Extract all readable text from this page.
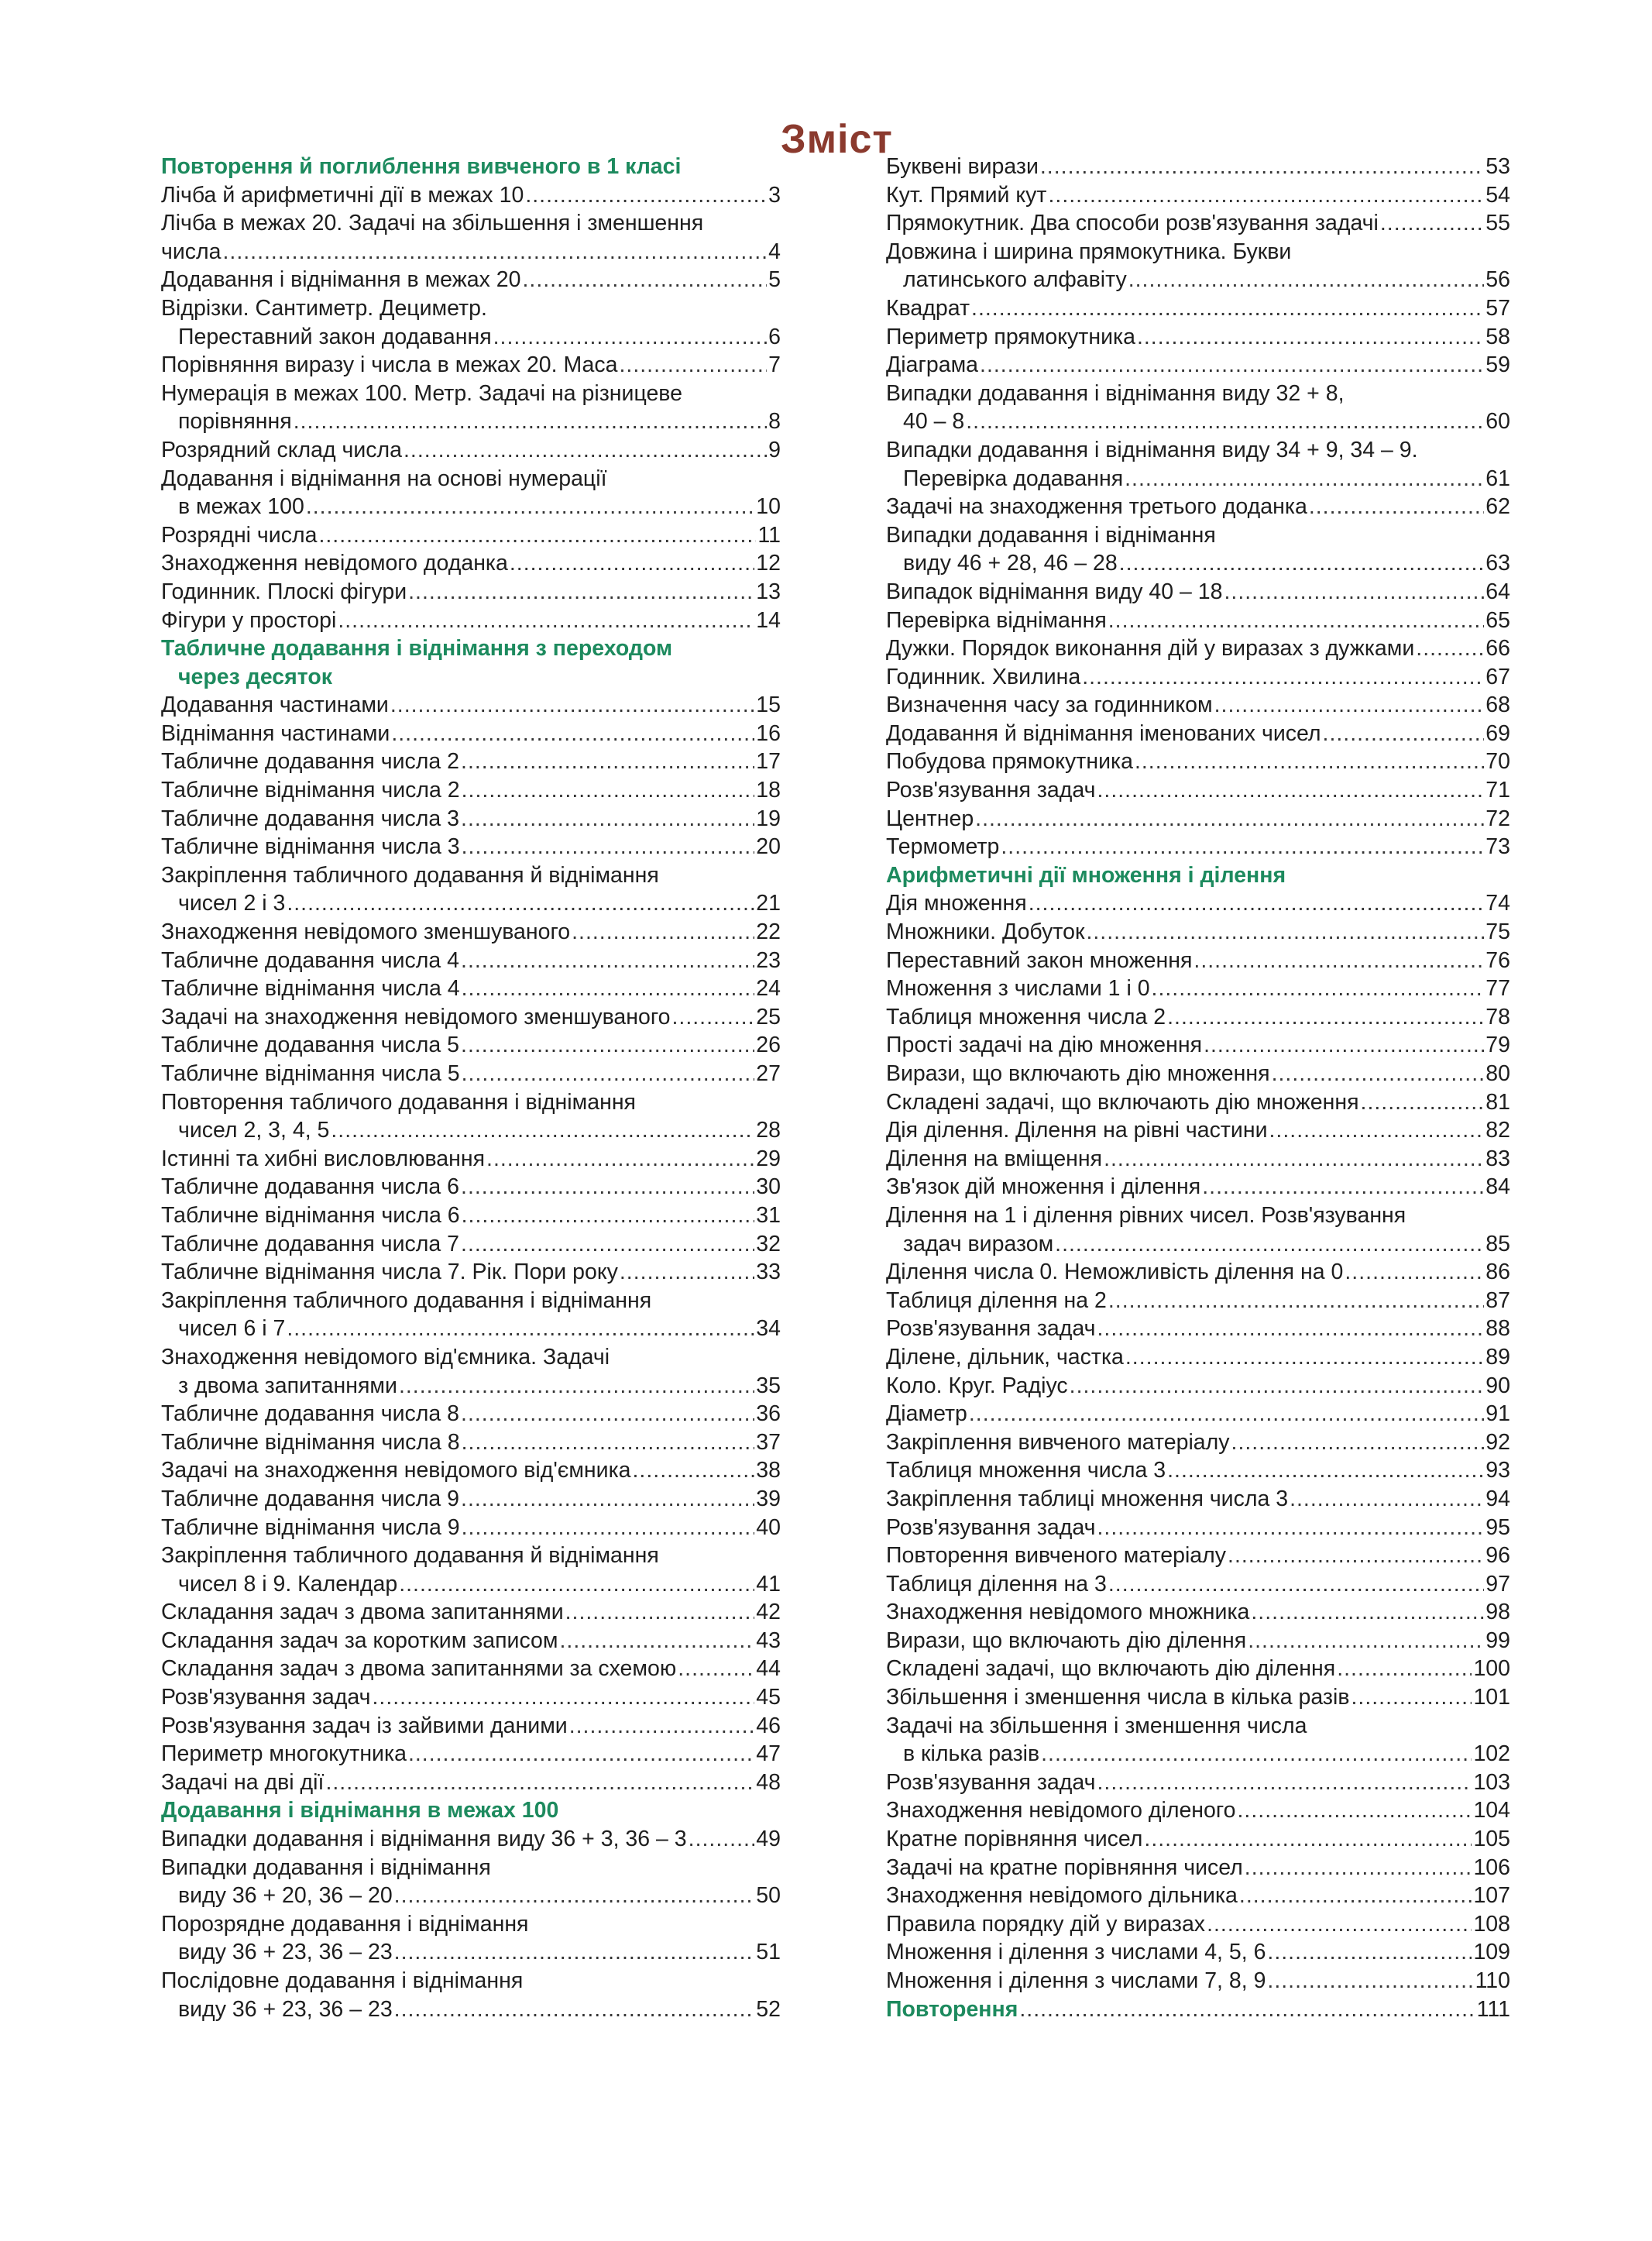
Зміст
Повторення й поглиблення вивченого в 1 класі
Лічба й арифметичні дії в межах 10 .....	3
Лічба в межах 20. Задачі на збільшення і зменшення
числа .....	4
Додавання і віднімання в межах 20 .....	5
Відрізки. Сантиметр. Дециметр.
Переставний закон додавання .....	6
Порівняння виразу і числа в межах 20. Маса .....	7
Нумерація в межах 100. Метр. Задачі на різницеве
порівняння .....	8
Розрядний склад числа .....	9
Додавання і віднімання на основі нумерації
в межах 100 .....	10
Розрядні числа .....	11
Знаходження невідомого доданка .....	12
Годинник. Плоскі фігури .....	13
Фігури у просторі .....	14
Табличне додавання і віднімання з переходом
через десяток
Додавання частинами .....	15
Віднімання частинами .....	16
Табличне додавання числа 2 .....	17
Табличне віднімання числа 2 .....	18
Табличне додавання числа 3 .....	19
Табличне віднімання числа 3 .....	20
Закріплення табличного додавання й віднімання
чисел 2 і 3 .....	21
Знаходження невідомого зменшуваного .....	22
Табличне додавання числа 4 .....	23
Табличне віднімання числа 4 .....	24
Задачі на знаходження невідомого зменшуваного .....	25
Табличне додавання числа 5 .....	26
Табличне віднімання числа 5 .....	27
Повторення табличого додавання і віднімання
чисел 2, 3, 4, 5 .....	28
Істинні та хибні висловлювання .....	29
Табличне додавання числа 6 .....	30
Табличне віднімання числа 6 .....	31
Табличне додавання числа 7 .....	32
Табличне віднімання числа 7. Рік. Пори року .....	33
Закріплення табличного додавання і віднімання
чисел 6 і 7 .....	34
Знаходження невідомого від'ємника. Задачі
з двома запитаннями .....	35
Табличне додавання числа 8 .....	36
Табличне віднімання числа 8 .....	37
Задачі на знаходження невідомого від'ємника .....	38
Табличне додавання числа 9 .....	39
Табличне віднімання числа 9 .....	40
Закріплення табличного додавання й віднімання
чисел 8 і 9. Календар .....	41
Складання задач з двома запитаннями .....	42
Складання задач за коротким записом .....	43
Складання задач з двома запитаннями за схемою .....	44
Розв'язування задач .....	45
Розв'язування задач із зайвими даними .....	46
Периметр многокутника .....	47
Задачі на дві дії .....	48
Додавання і віднімання в межах 100
Випадки додавання і віднімання виду 36 + 3, 36 – 3 .....	49
Випадки додавання і віднімання
виду 36 + 20, 36 – 20 .....	50
Порозрядне додавання і віднімання
виду 36 + 23, 36 – 23 .....	51
Послідовне додавання і віднімання
виду 36 + 23, 36 – 23 .....	52
Буквені вирази .....	53
Кут. Прямий кут .....	54
Прямокутник. Два способи розв'язування задачі .....	55
Довжина і ширина прямокутника. Букви
латинського алфавіту .....	56
Квадрат .....	57
Периметр прямокутника .....	58
Діаграма .....	59
Випадки додавання і віднімання виду 32 + 8,
40 – 8 .....	60
Випадки додавання і віднімання виду 34 + 9, 34 – 9.
Перевірка додавання .....	61
Задачі на знаходження третього доданка .....	62
Випадки додавання і віднімання
виду 46 + 28, 46 – 28 .....	63
Випадок віднімання виду 40 – 18 .....	64
Перевірка віднімання .....	65
Дужки. Порядок виконання дій у виразах з дужками .....	66
Годинник. Хвилина .....	67
Визначення часу за годинником .....	68
Додавання й віднімання іменованих чисел .....	69
Побудова прямокутника .....	70
Розв'язування задач .....	71
Центнер .....	72
Термометр .....	73
Арифметичні дії множення і ділення
Дія множення .....	74
Множники. Добуток .....	75
Переставний закон множення .....	76
Множення з числами 1 і 0 .....	77
Таблиця множення числа 2 .....	78
Прості задачі на дію множення .....	79
Вирази, що включають дію множення .....	80
Складені задачі, що включають дію множення .....	81
Дія ділення. Ділення на рівні частини .....	82
Ділення на вміщення .....	83
Зв'язок дій множення і ділення .....	84
Ділення на 1 і ділення рівних чисел. Розв'язування
задач виразом .....	85
Ділення числа 0. Неможливість ділення на 0 .....	86
Таблиця ділення на 2 .....	87
Розв'язування задач .....	88
Ділене, дільник, частка .....	89
Коло. Круг. Радіус .....	90
Діаметр .....	91
Закріплення вивченого матеріалу .....	92
Таблиця множення числа 3 .....	93
Закріплення таблиці множення числа 3 .....	94
Розв'язування задач .....	95
Повторення вивченого матеріалу .....	96
Таблиця ділення на 3 .....	97
Знаходження невідомого множника .....	98
Вирази, що включають дію ділення .....	99
Складені задачі, що включають дію ділення .....	100
Збільшення і зменшення числа в кілька разів .....	101
Задачі на збільшення і зменшення числа
в кілька разів .....	102
Розв'язування задач .....	103
Знаходження невідомого діленого .....	104
Кратне порівняння чисел .....	105
Задачі на кратне порівняння чисел .....	106
Знаходження невідомого дільника .....	107
Правила порядку дій у виразах .....	108
Множення і ділення з числами 4, 5, 6 .....	109
Множення і ділення з числами 7, 8, 9 .....	110
Повторення .....	111
